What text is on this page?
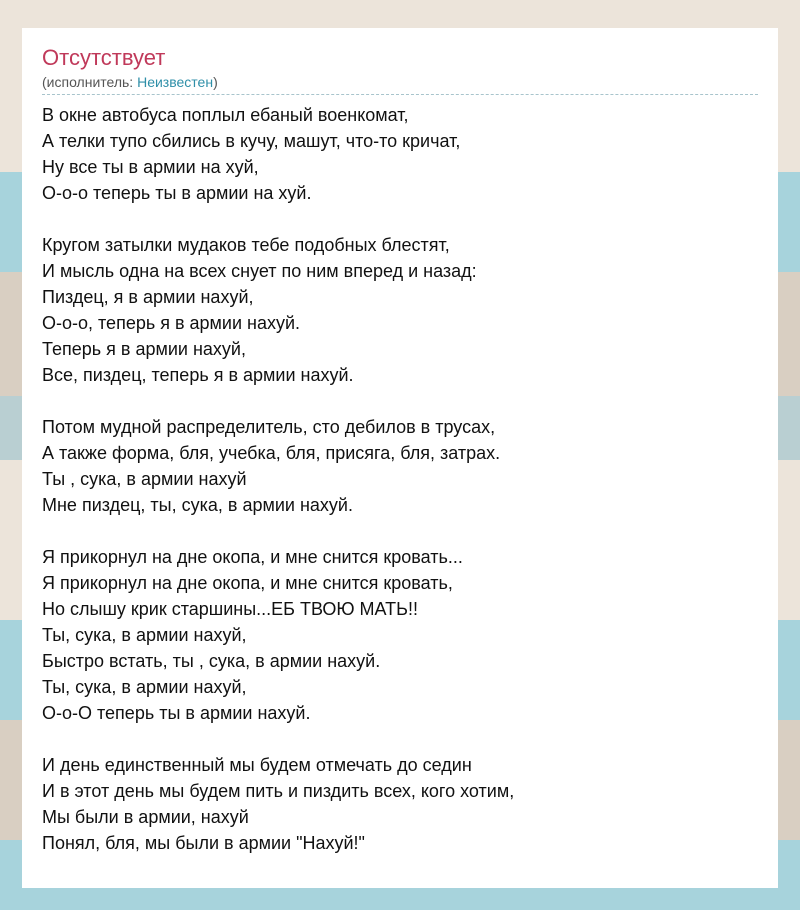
Отсутствует
(исполнитель: Неизвестен)
В окне автобуса поплыл ебаный военкомат,
А телки тупо сбились в кучу, машут, что-то кричат,
Ну все ты в армии на хуй,
О-о-о теперь ты в армии на хуй.
Кругом затылки мудаков тебе подобных блестят,
И мысль одна на всех снует по ним вперед и назад:
Пиздец, я в армии нахуй,
О-о-о, теперь я в армии нахуй.
Теперь я в армии нахуй,
Все, пиздец, теперь я в армии нахуй.
Потом мудной распределитель, сто дебилов в трусах,
А также форма, бля, учебка, бля, присяга, бля, затрах.
Ты , сука, в армии нахуй
Мне пиздец, ты, сука, в армии нахуй.
Я прикорнул на дне окопа, и мне снится кровать...
Я прикорнул на дне окопа, и мне снится кровать,
Но слышу крик старшины...ЕБ ТВОЮ МАТЬ!!
Ты, сука, в армии нахуй,
Быстро встать, ты , сука, в армии нахуй.
Ты, сука, в армии нахуй,
О-о-О теперь ты в армии нахуй.
И день единственный мы будем отмечать до седин
И в этот день мы будем пить и пиздить всех, кого хотим,
Мы были в армии, нахуй
Понял, бля, мы были в армии "Нахуй!"
